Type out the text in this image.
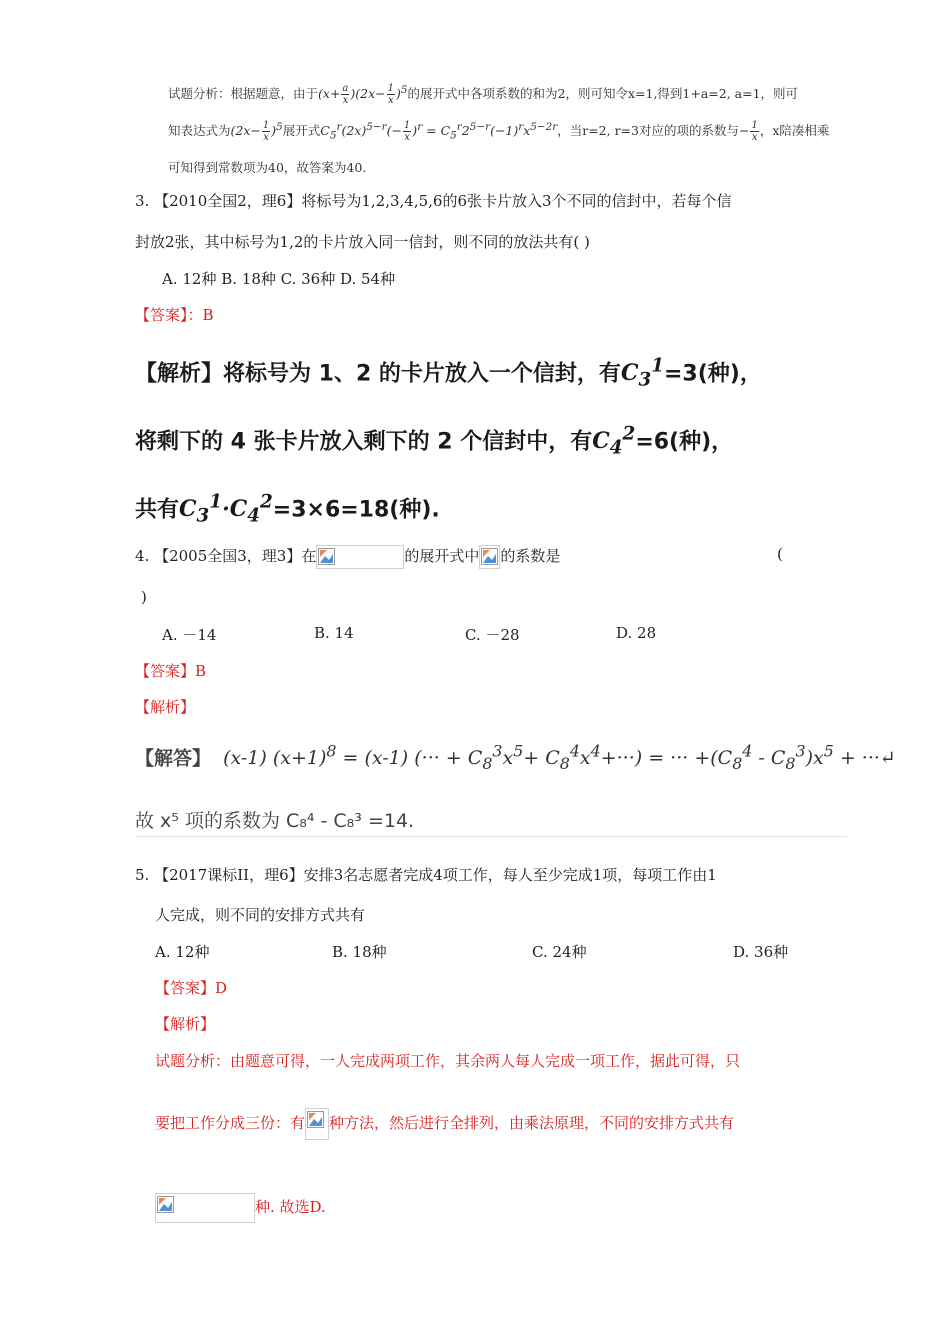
试题分析：根据题意，由于$(x+ \frac{a}{x} )(2x- \frac{1}{x} )^5$的展开式中各项系数的和为2，则可知令x=1,得到1+a=2, a=1，则可
知表达式为$(2x- \frac{1}{x} )^5$展开式$C_5^r(2x)^{5-r}(- \frac{1}{x} )^r = C_5^r2^{5-r}(-1)^rx^{5-2r}$，当r=2, r=3对应的项的系数与− $\frac{1}{x}$ ，x陪凑相乘
可知得到常数项为40，故答案为40.
3. 【2010全国2，理6】将标号为1,2,3,4,5,6的6张卡片放入3个不同的信封中，若每个信
封放2张，其中标号为1,2的卡片放入同一信封，则不同的放法共有( )
A. 12种 B. 18种 C. 36种 D. 54种
【答案】：B
【解析】将标号为 1、2 的卡片放入一个信封，有$C_3^1=3$(种)，
将剩下的 4 张卡片放入剩下的 2 个信封中，有$C_4^2=6$(种)，
共有$C_3^1\cdot C_4^2=3\times 6=18$(种).
4. 【2005全国3，理3】在	的展开式中 的系数是	(
)
A. －14	B. 14	C. －28	D. 28
【答案】B
【解析】
【解答】  (x-1) $(x+1)^8 = (x-1)$ (··· + $C_8^3x^5+ C_8^4x^4+\cdot\cdot\cdot$) = ··· $+(C_8^4 - C_8^3)x^5$ + ···↵
故 x⁵ 项的系数为 C₈⁴ - C₈³ =14.
5. 【2017课标II，理6】安排3名志愿者完成4项工作，每人至少完成1项，每项工作由1
人完成，则不同的安排方式共有
A. 12种	B. 18种	C. 24种	D. 36种
【答案】D
【解析】
试题分析：由题意可得，一人完成两项工作，其余两人每人完成一项工作，据此可得，只
要把工作分成三份：有 种方法，然后进行全排列，由乘法原理，不同的安排方式共有
种. 故选D.
